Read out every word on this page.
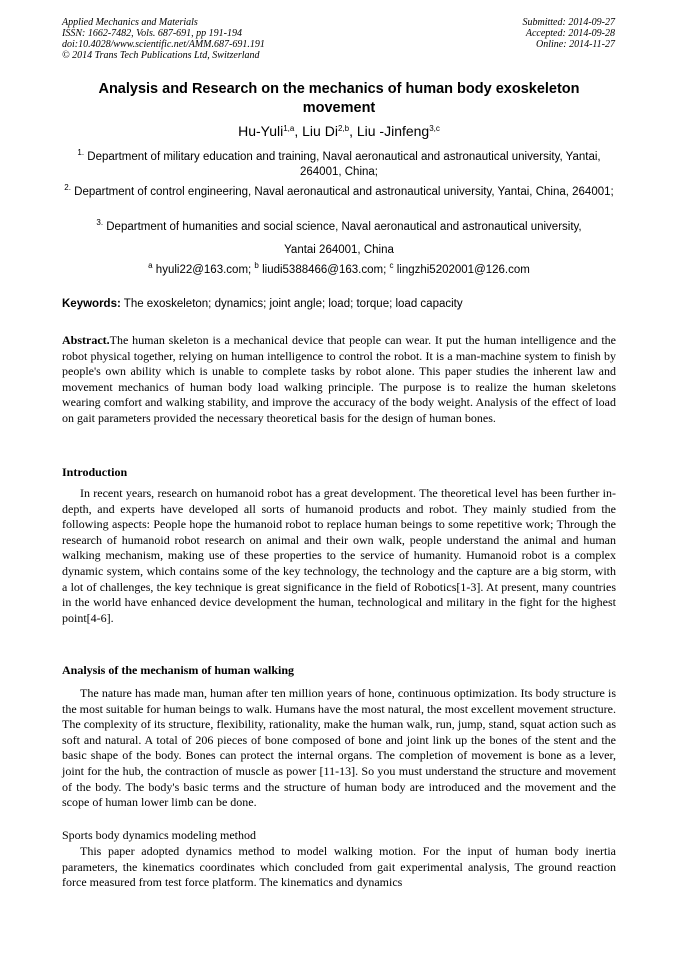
Applied Mechanics and Materials
ISSN: 1662-7482, Vols. 687-691, pp 191-194
doi:10.4028/www.scientific.net/AMM.687-691.191
© 2014 Trans Tech Publications Ltd, Switzerland
Submitted: 2014-09-27
Accepted: 2014-09-28
Online: 2014-11-27
Analysis and Research on the mechanics of human body exoskeleton movement
Hu-Yuli$^{1,a}$, Liu Di$^{2,b}$, Liu -Jinfeng$^{3,c}$
$^{1.}$ Department of military education and training, Naval aeronautical and astronautical university, Yantai, 264001, China;
$^{2.}$ Department of control engineering, Naval aeronautical and astronautical university, Yantai, China, 264001;
$^{3.}$ Department of humanities and social science, Naval aeronautical and astronautical university,
Yantai 264001, China
$^a$ hyuli22@163.com; $^b$ liudi5388466@163.com; $^c$ lingzhi5202001@126.com
Keywords: The exoskeleton; dynamics; joint angle; load; torque; load capacity
Abstract.The human skeleton is a mechanical device that people can wear. It put the human intelligence and the robot physical together, relying on human intelligence to control the robot. It is a man-machine system to finish by people's own ability which is unable to complete tasks by robot alone. This paper studies the inherent law and movement mechanics of human body load walking principle. The purpose is to realize the human skeletons wearing comfort and walking stability, and improve the accuracy of the body weight. Analysis of the effect of load on gait parameters provided the necessary theoretical basis for the design of human bones.
Introduction
In recent years, research on humanoid robot has a great development. The theoretical level has been further in-depth, and experts have developed all sorts of humanoid products and robot. They mainly studied from the following aspects: People hope the humanoid robot to replace human beings to some repetitive work; Through the research of humanoid robot research on animal and their own walk, people understand the animal and human walking mechanism, making use of these properties to the service of humanity. Humanoid robot is a complex dynamic system, which contains some of the key technology, the technology and the capture are a big storm, with a lot of challenges, the key technique is great significance in the field of Robotics[1-3]. At present, many countries in the world have enhanced device development the human, technological and military in the fight for the highest point[4-6].
Analysis of the mechanism of human walking
The nature has made man, human after ten million years of hone, continuous optimization. Its body structure is the most suitable for human beings to walk. Humans have the most natural, the most excellent movement structure. The complexity of its structure, flexibility, rationality, make the human walk, run, jump, stand, squat action such as soft and natural. A total of 206 pieces of bone composed of bone and joint link up the bones of the stent and the basic shape of the body. Bones can protect the internal organs. The completion of movement is bone as a lever, joint for the hub, the contraction of muscle as power [11-13]. So you must understand the structure and movement of the body. The body's basic terms and the structure of human body are introduced and the movement and the scope of human lower limb can be done.
Sports body dynamics modeling method
This paper adopted dynamics method to model walking motion. For the input of human body inertia parameters, the kinematics coordinates which concluded from gait experimental analysis, The ground reaction force measured from test force platform. The kinematics and dynamics
